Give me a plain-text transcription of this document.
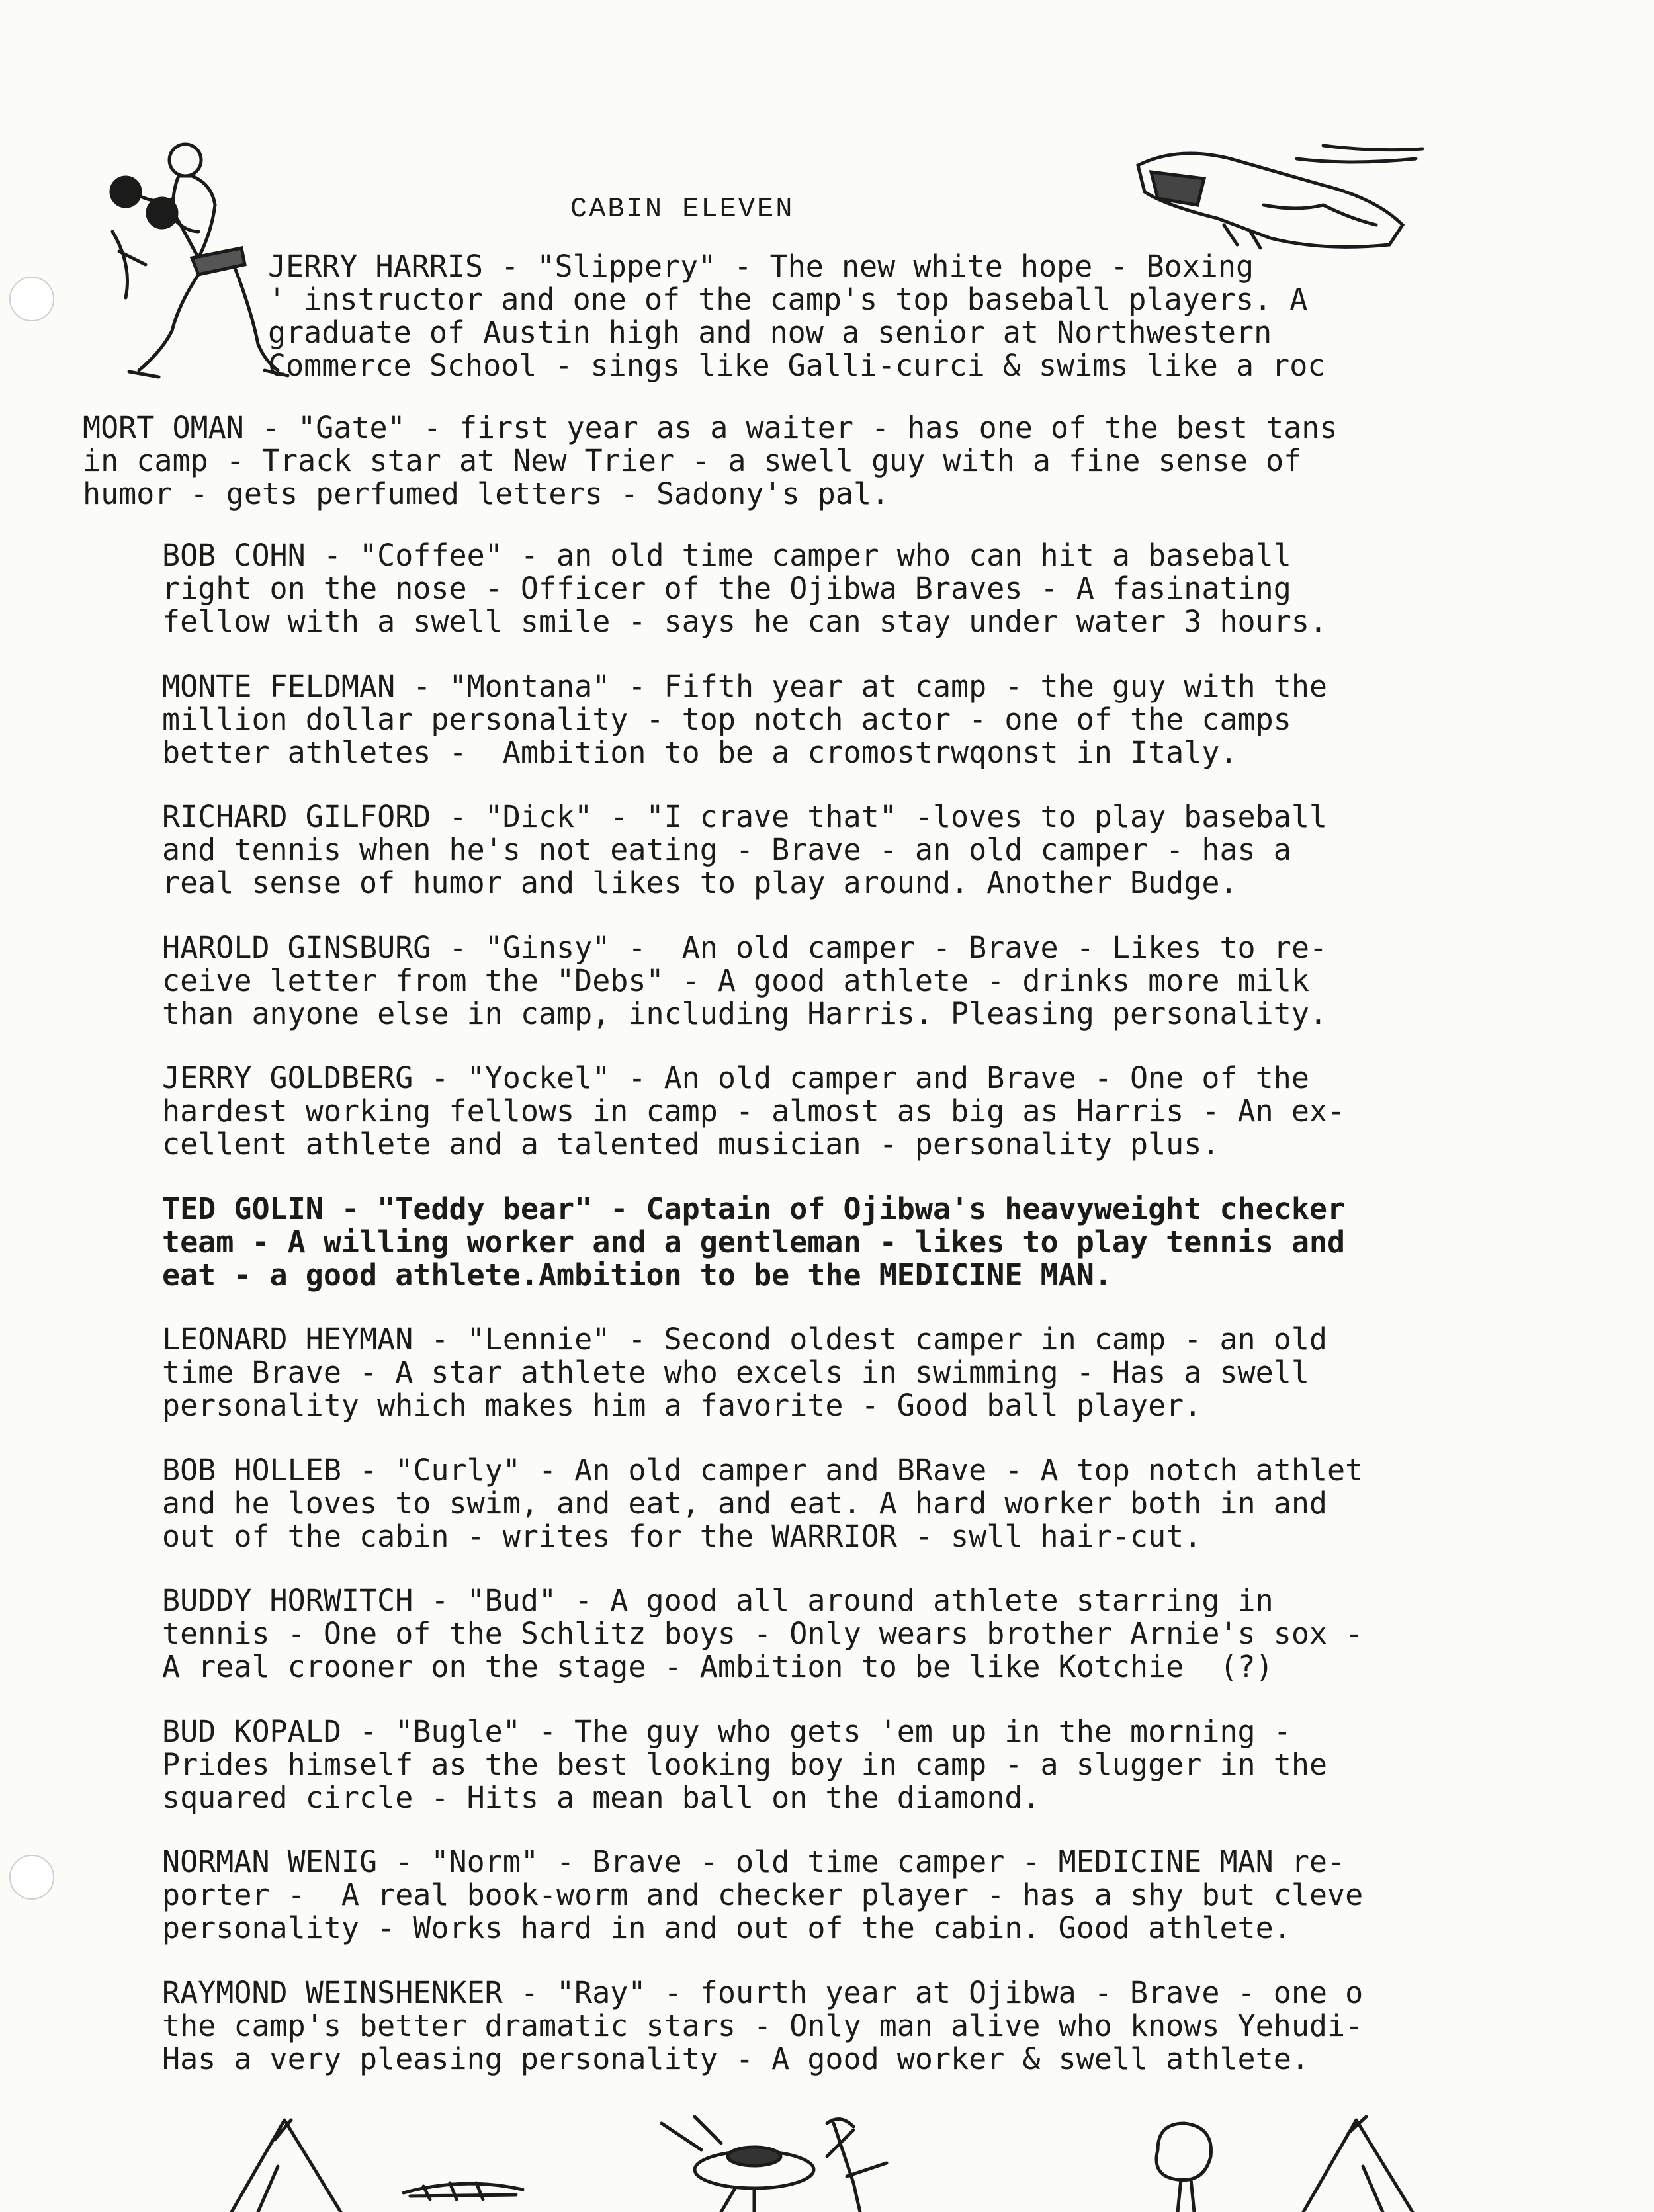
CABIN ELEVEN
JERRY HARRIS - "Slippery" - The new white hope - Boxing
' instructor and one of the camp's top baseball players. A
graduate of Austin high and now a senior at Northwestern
Commerce School - sings like Galli-curci & swims like a roc
MORT OMAN - "Gate" - first year as a waiter - has one of the best tans
in camp - Track star at New Trier - a swell guy with a fine sense of
humor - gets perfumed letters - Sadony's pal.
BOB COHN - "Coffee" - an old time camper who can hit a baseball
right on the nose - Officer of the Ojibwa Braves - A fasinating
fellow with a swell smile - says he can stay under water 3 hours.
MONTE FELDMAN - "Montana" - Fifth year at camp - the guy with the
million dollar personality - top notch actor - one of the camps
better athletes -  Ambition to be a cromostrwqonst in Italy.
RICHARD GILFORD - "Dick" - "I crave that" -loves to play baseball
and tennis when he's not eating - Brave - an old camper - has a
real sense of humor and likes to play around. Another Budge.
HAROLD GINSBURG - "Ginsy" -  An old camper - Brave - Likes to re-
ceive letter from the "Debs" - A good athlete - drinks more milk
than anyone else in camp, including Harris. Pleasing personality.
JERRY GOLDBERG - "Yockel" - An old camper and Brave - One of the
hardest working fellows in camp - almost as big as Harris - An ex-
cellent athlete and a talented musician - personality plus.
TED GOLIN - "Teddy bear" - Captain of Ojibwa's heavyweight checker
team - A willing worker and a gentleman - likes to play tennis and
eat - a good athlete.Ambition to be the MEDICINE MAN.
LEONARD HEYMAN - "Lennie" - Second oldest camper in camp - an old
time Brave - A star athlete who excels in swimming - Has a swell
personality which makes him a favorite - Good ball player.
BOB HOLLEB - "Curly" - An old camper and BRave - A top notch athlet
and he loves to swim, and eat, and eat. A hard worker both in and
out of the cabin - writes for the WARRIOR - swll hair-cut.
BUDDY HORWITCH - "Bud" - A good all around athlete starring in
tennis - One of the Schlitz boys - Only wears brother Arnie's sox -
A real crooner on the stage - Ambition to be like Kotchie  (?)
BUD KOPALD - "Bugle" - The guy who gets 'em up in the morning -
Prides himself as the best looking boy in camp - a slugger in the
squared circle - Hits a mean ball on the diamond.
NORMAN WENIG - "Norm" - Brave - old time camper - MEDICINE MAN re-
porter -  A real book-worm and checker player - has a shy but cleve
personality - Works hard in and out of the cabin. Good athlete.
RAYMOND WEINSHENKER - "Ray" - fourth year at Ojibwa - Brave - one o
the camp's better dramatic stars - Only man alive who knows Yehudi-
Has a very pleasing personality - A good worker & swell athlete.
